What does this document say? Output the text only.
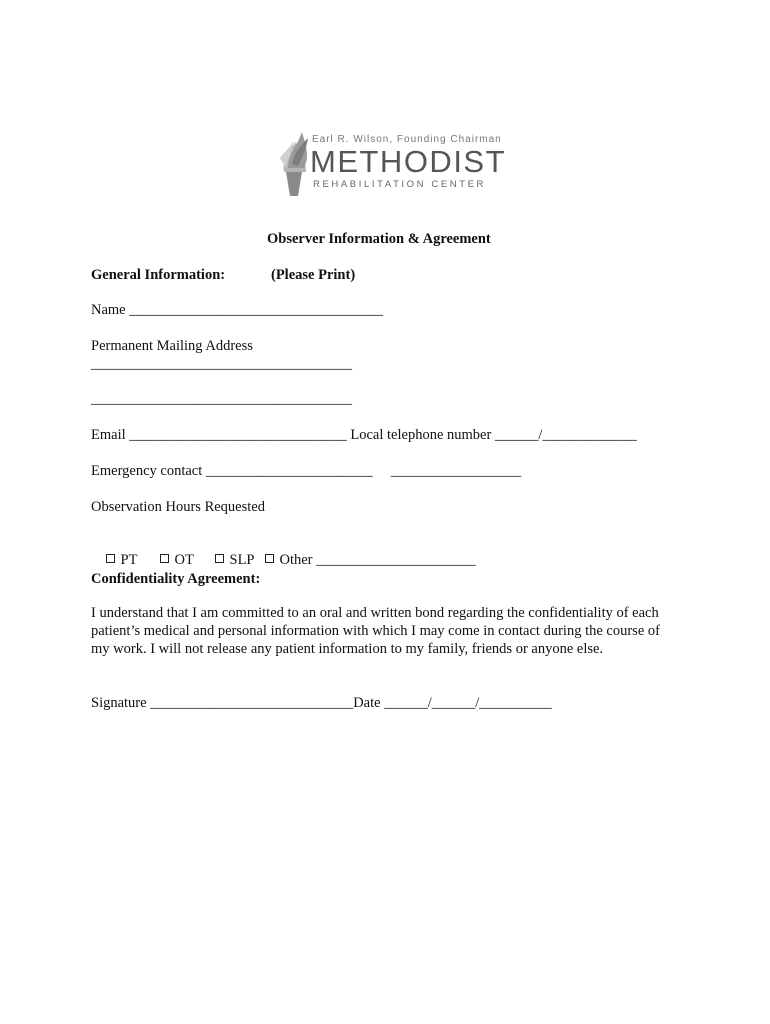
Earl R. Wilson, Founding Chairman
METHODIST
REHABILITATION CENTER
Observer Information & Agreement
General Information:	(Please Print)
Name ___________________________________
Permanent Mailing Address
____________________________________
____________________________________
Email ______________________________ Local telephone number ______/_____________
Emergency contact _______________________     __________________
Observation Hours Requested

PT
	OT
	SLP
	Other ______________________

Confidentiality Agreement:
I understand that I am committed to an oral and written bond regarding the confidentiality of each patient’s medical and personal information with which I may come in contact during the course of my work. I will not release any patient information to my family, friends or anyone else.
Signature ____________________________Date ______/______/__________
